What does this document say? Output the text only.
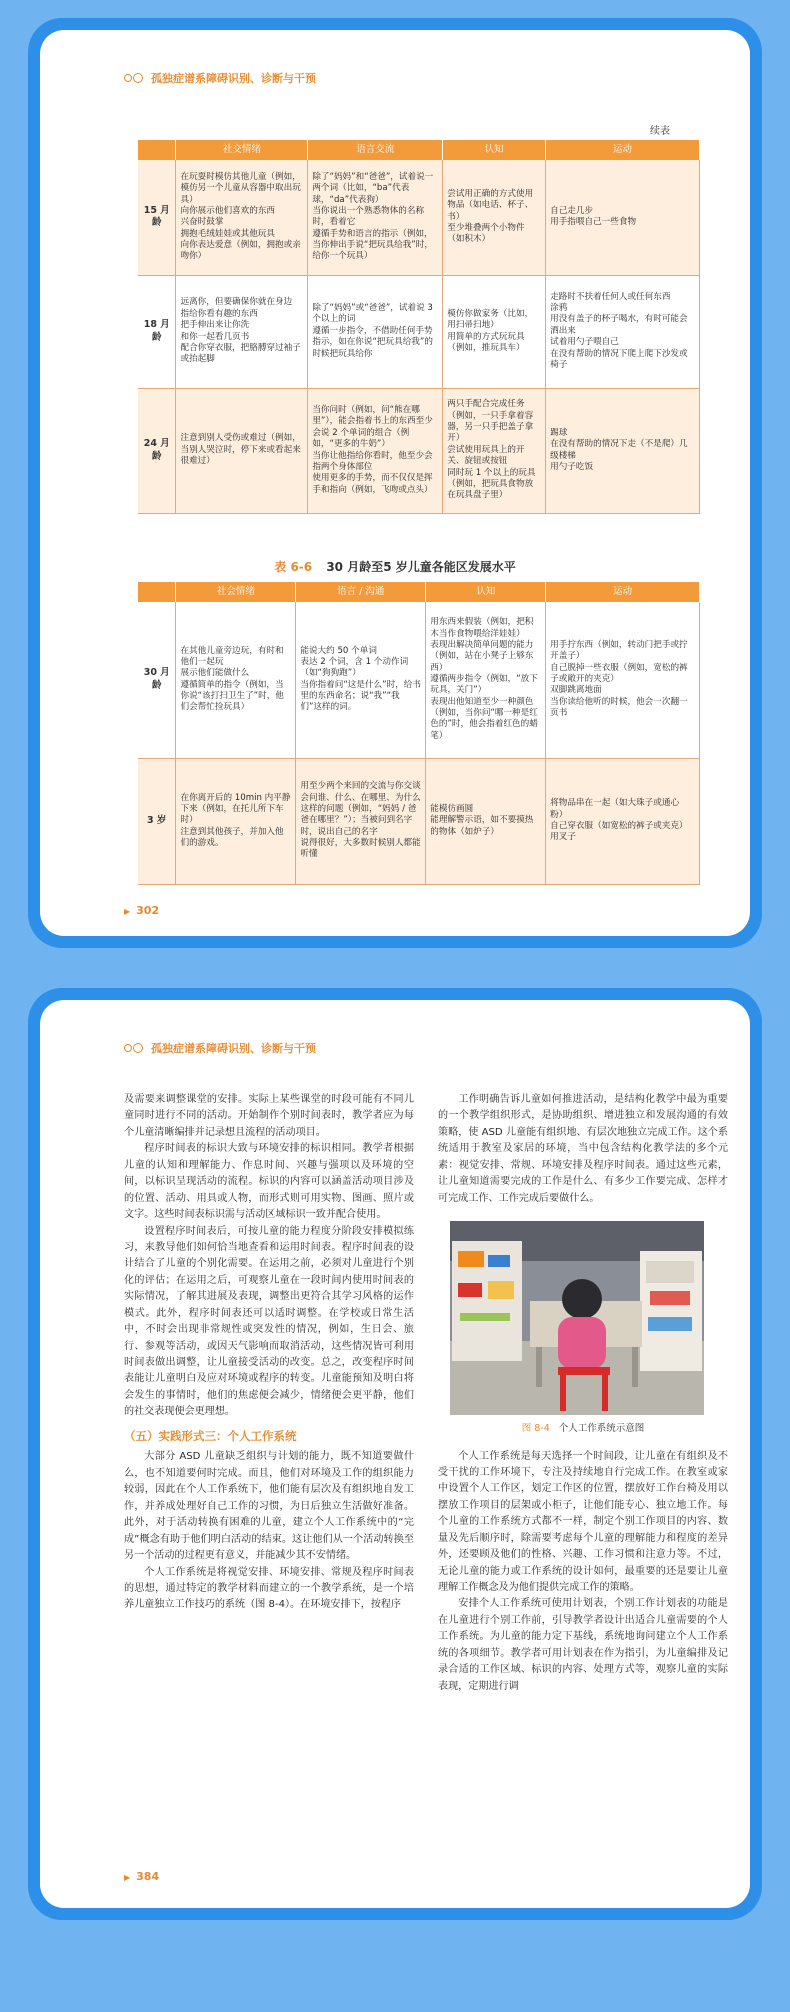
孤独症谱系障碍识别、诊断与干预
续表
	社交情绪	语言交流	认知	运动
15 月龄	在玩耍时模仿其他儿童（例如，模仿另一个儿童从容器中取出玩具）
向你展示他们喜欢的东西
兴奋时鼓掌
拥抱毛绒娃娃或其他玩具
向你表达爱意（例如，拥抱或亲吻你）	除了“妈妈”和“爸爸”，试着说一两个词（比如，“ba”代表球，“da”代表狗）
当你说出一个熟悉物体的名称时，看着它
遵循手势和语言的指示（例如，当你伸出手说“把玩具给我”时，给你一个玩具）	尝试用正确的方式使用物品（如电话、杯子、书）
至少堆叠两个小物件（如积木）	自己走几步
用手指喂自己一些食物
18 月龄	远离你，但要确保你就在身边
指给你看有趣的东西
把手伸出来让你洗
和你一起看几页书
配合你穿衣服，把胳膊穿过袖子或抬起脚	除了“妈妈”或“爸爸”，试着说 3 个以上的词
遵循一步指令，不借助任何手势指示，如在你说“把玩具给我”的时候把玩具给你	模仿你做家务（比如，用扫帚扫地）
用简单的方式玩玩具（例如，推玩具车）	走路时不扶着任何人或任何东西
涂鸦
用没有盖子的杯子喝水，有时可能会洒出来
试着用勺子喂自己
在没有帮助的情况下爬上爬下沙发或椅子
24 月龄	注意到别人受伤或难过（例如，当别人哭泣时，停下来或看起来很难过）	当你问时（例如，问“熊在哪里”），能会指着书上的东西至少会说 2 个单词的组合（例如，“更多的牛奶”）
当你让他指给你看时，他至少会指两个身体部位
使用更多的手势，而不仅仅是挥手和指向（例如，飞吻或点头）	两只手配合完成任务（例如，一只手拿着容器，另一只手把盖子拿开）
尝试使用玩具上的开关、旋钮或按钮
同时玩 1 个以上的玩具（例如，把玩具食物放在玩具盘子里）	踢球
在没有帮助的情况下走（不是爬）几级楼梯
用勺子吃饭
表 6-6 30 月龄至5 岁儿童各能区发展水平
	社会情绪	语言 / 沟通	认知	运动
30 月龄	在其他儿童旁边玩，有时和他们一起玩
展示他们能做什么
遵循简单的指令（例如，当你说“该打扫卫生了”时，他们会帮忙捡玩具）	能说大约 50 个单词
表达 2 个词，含 1 个动作词（如“狗狗跑”）
当你指着问“这是什么”时，给书里的东西命名；说“我”“我们”这样的词。	用东西来假装（例如，把积木当作食物喂给洋娃娃）
表现出解决简单问题的能力（例如，站在小凳子上够东西）
遵循两步指令（例如，“放下玩具，关门”）
表现出他知道至少一种颜色（例如，当你问“哪一种是红色的”时，他会指着红色的蜡笔）	用手拧东西（例如，转动门把手或拧开盖子）
自己脱掉一些衣服（例如，宽松的裤子或敞开的夹克）
双脚跳离地面
当你读给他听的时候，他会一次翻一页书
3 岁	在你离开后的 10min 内平静下来（例如，在托儿所下车时）
注意到其他孩子，并加入他们的游戏。	用至少两个来回的交流与你交谈
会问谁、什么、在哪里、为什么这样的问题（例如，“妈妈 / 爸爸在哪里？”）；当被问到名字时，说出自己的名字
说得很好，大多数时候别人都能听懂	能模仿画圆
能理解警示语，如不要摸热的物体（如炉子）	将物品串在一起（如大珠子或通心粉）
自己穿衣服（如宽松的裤子或夹克）
用叉子
▶ 302
孤独症谱系障碍识别、诊断与干预

及需要来调整课堂的安排。实际上某些课堂的时段可能有不同儿童同时进行不同的活动。开始制作个别时间表时，教学者应为每个儿童清晰编排并记录想且流程的活动项目。

程序时间表的标识大致与环境安排的标识相同。教学者根据儿童的认知和理解能力、作息时间、兴趣与强项以及环境的空间，以标识呈现活动的流程。标识的内容可以涵盖活动项目涉及的位置、活动、用具或人物，而形式则可用实物、图画、照片或文字。这些时间表标识需与活动区域标识一致并配合使用。

设置程序时间表后，可按儿童的能力程度分阶段安排模拟练习，来教导他们如何恰当地查看和运用时间表。程序时间表的设计结合了儿童的个别化需要。在运用之前，必须对儿童进行个别化的评估；在运用之后，可观察儿童在一段时间内使用时间表的实际情况，了解其进展及表现，调整出更符合其学习风格的运作模式。此外，程序时间表还可以适时调整。在学校或日常生活中，不时会出现非常规性或突发性的情况，例如，生日会、旅行、参观等活动，或因天气影响而取消活动，这些情况皆可利用时间表做出调整，让儿童接受活动的改变。总之，改变程序时间表能让儿童明白及应对环境或程序的转变。儿童能预知及明白将会发生的事情时，他们的焦虑便会减少，情绪便会更平静，他们的社交表现便会更理想。

（五）实践形式三：个人工作系统

大部分 ASD 儿童缺乏组织与计划的能力，既不知道要做什么，也不知道要何时完成。而且，他们对环境及工作的组织能力较弱，因此在个人工作系统下，他们能有层次及有组织地自发工作，并养成处理好自己工作的习惯，为日后独立生活做好准备。此外，对于活动转换有困难的儿童，建立个人工作系统中的“完成”概念有助于他们明白活动的结束。这让他们从一个活动转换至另一个活动的过程更有意义，并能减少其不安情绪。

个人工作系统是将视觉安排、环境安排、常规及程序时间表的思想，通过特定的教学材料而建立的一个教学系统，是一个培养儿童独立工作技巧的系统（图 8-4）。在环境安排下，按程序

工作明确告诉儿童如何推进活动，是结构化教学中最为重要的一个教学组织形式，是协助组织、增进独立和发展沟通的有效策略，使 ASD 儿童能有组织地、有层次地独立完成工作。这个系统适用于教室及家居的环境，当中包含结构化教学法的多个元素：视觉安排、常规、环境安排及程序时间表。通过这些元素，让儿童知道需要完成的工作是什么、有多少工作要完成、怎样才可完成工作、工作完成后要做什么。

图 8-4 个人工作系统示意图

个人工作系统是每天选择一个时间段，让儿童在有组织及不受干扰的工作环境下，专注及持续地自行完成工作。在教室或家中设置个人工作区，划定工作区的位置，摆放好工作台椅及用以摆放工作项目的层架或小柜子，让他们能专心、独立地工作。每个儿童的工作系统方式都不一样，制定个别工作项目的内容、数量及先后顺序时，除需要考虑每个儿童的理解能力和程度的差异外，还要顾及他们的性格、兴趣、工作习惯和注意力等。不过，无论儿童的能力或工作系统的设计如何，最重要的还是要让儿童理解工作概念及为他们提供完成工作的策略。

安排个人工作系统可使用计划表，个别工作计划表的功能是在儿童进行个别工作前，引导教学者设计出适合儿童需要的个人工作系统。为儿童的能力定下基线，系统地询问建立个人工作系统的各项细节。教学者可用计划表在作为指引，为儿童编排及记录合适的工作区域、标识的内容、处理方式等，观察儿童的实际表现，定期进行调

▶ 384
